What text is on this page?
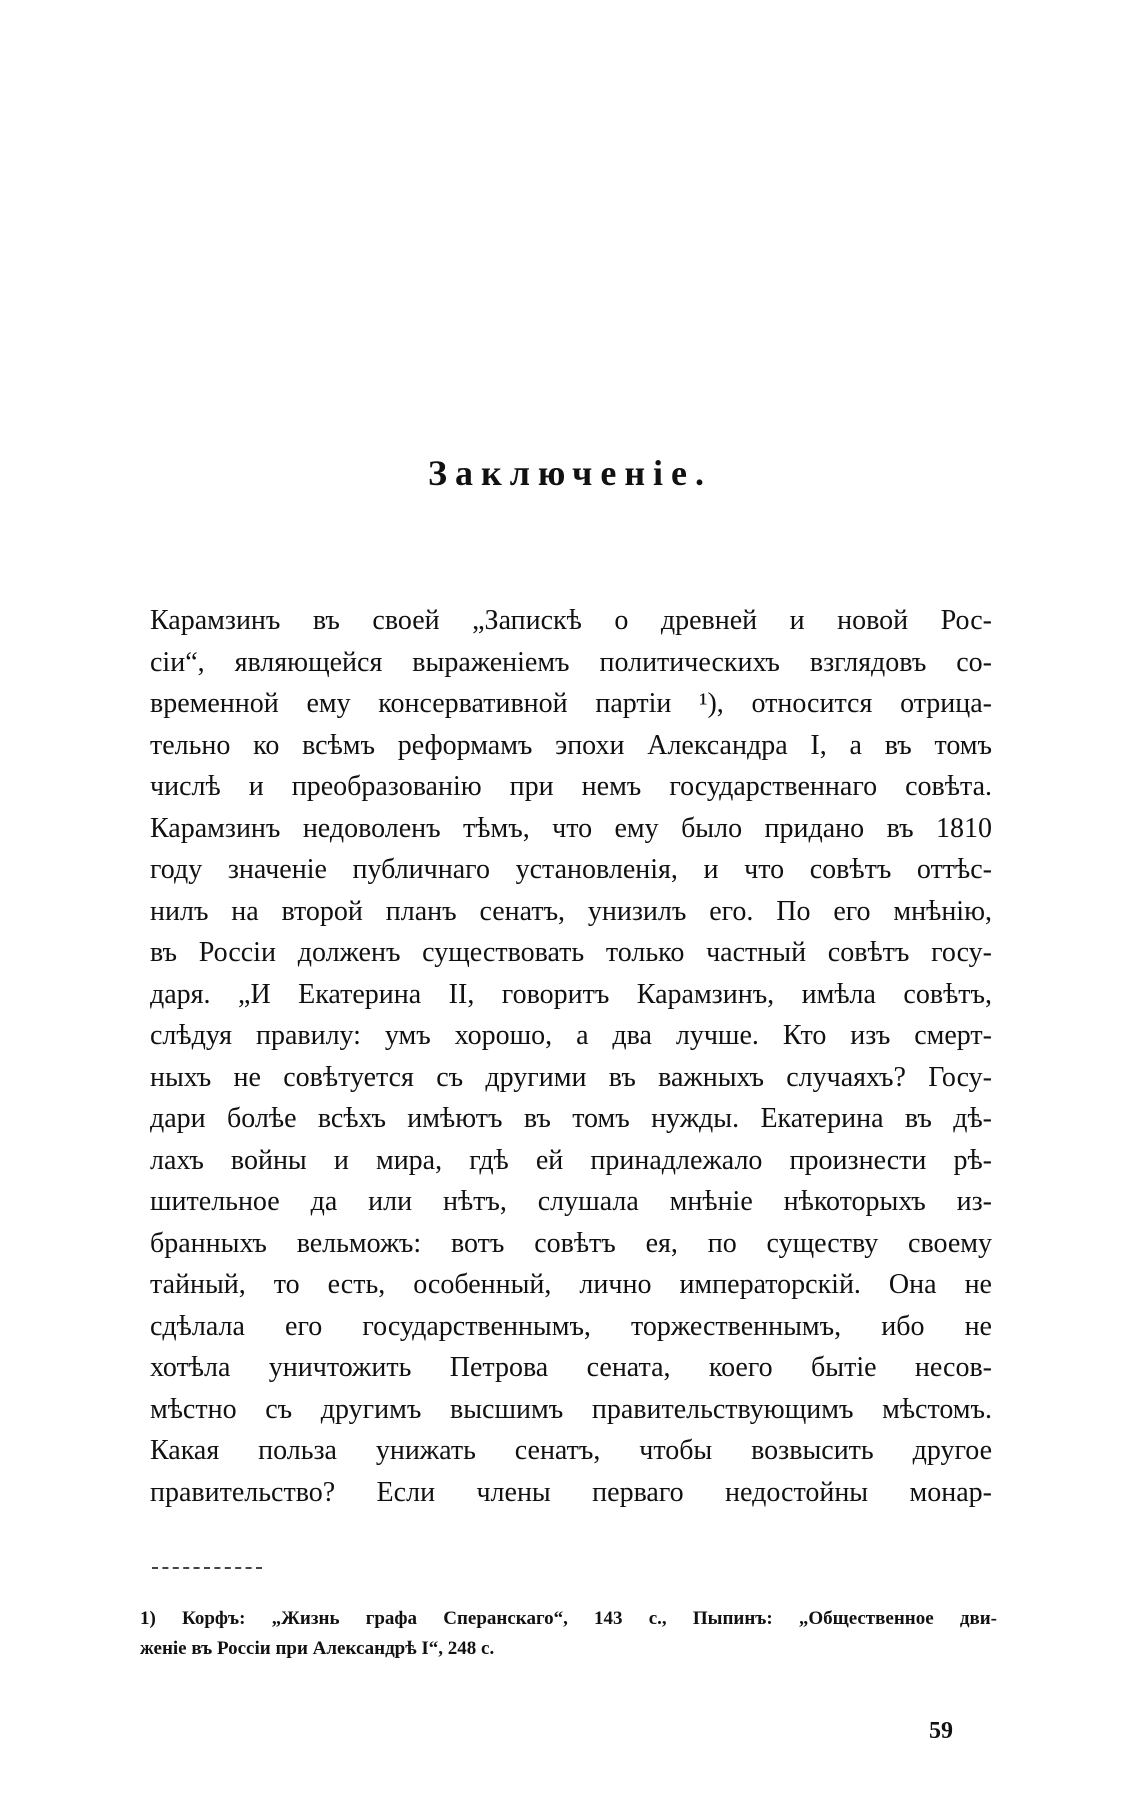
Заключеніе.
Карамзинъ въ своей „Запискѣ о древней и новой Рос-
сіи“, являющейся выраженіемъ политическихъ взглядовъ со-
временной ему консервативной партіи ¹), относится отрица-
тельно ко всѣмъ реформамъ эпохи Александра I, а въ томъ
числѣ и преобразованію при немъ государственнаго совѣта.
Карамзинъ недоволенъ тѣмъ, что ему было придано въ 1810
году значеніе публичнаго установленія, и что совѣтъ оттѣс-
нилъ на второй планъ сенатъ, унизилъ его. По его мнѣнію,
въ Россіи долженъ существовать только частный совѣтъ госу-
даря. „И Екатерина II, говоритъ Карамзинъ, имѣла совѣтъ,
слѣдуя правилу: умъ хорошо, а два лучше. Кто изъ смерт-
ныхъ не совѣтуется съ другими въ важныхъ случаяхъ? Госу-
дари болѣе всѣхъ имѣютъ въ томъ нужды. Екатерина въ дѣ-
лахъ войны и мира, гдѣ ей принадлежало произнести рѣ-
шительное да или нѣтъ, слушала мнѣніе нѣкоторыхъ из-
бранныхъ вельможъ: вотъ совѣтъ ея, по существу своему
тайный, то есть, особенный, лично императорскій. Она не
сдѣлала его государственнымъ, торжественнымъ, ибо не
хотѣла уничтожить Петрова сената, коего бытіе несов-
мѣстно съ другимъ высшимъ правительствующимъ мѣстомъ.
Какая польза унижать сенатъ, чтобы возвысить другое
правительство? Если члены перваго недостойны монар-
1) Корфъ: „Жизнь графа Сперанскаго“, 143 с., Пыпинъ: „Общественное дви-
женіе въ Россіи при Александрѣ I“, 248 с.
59
